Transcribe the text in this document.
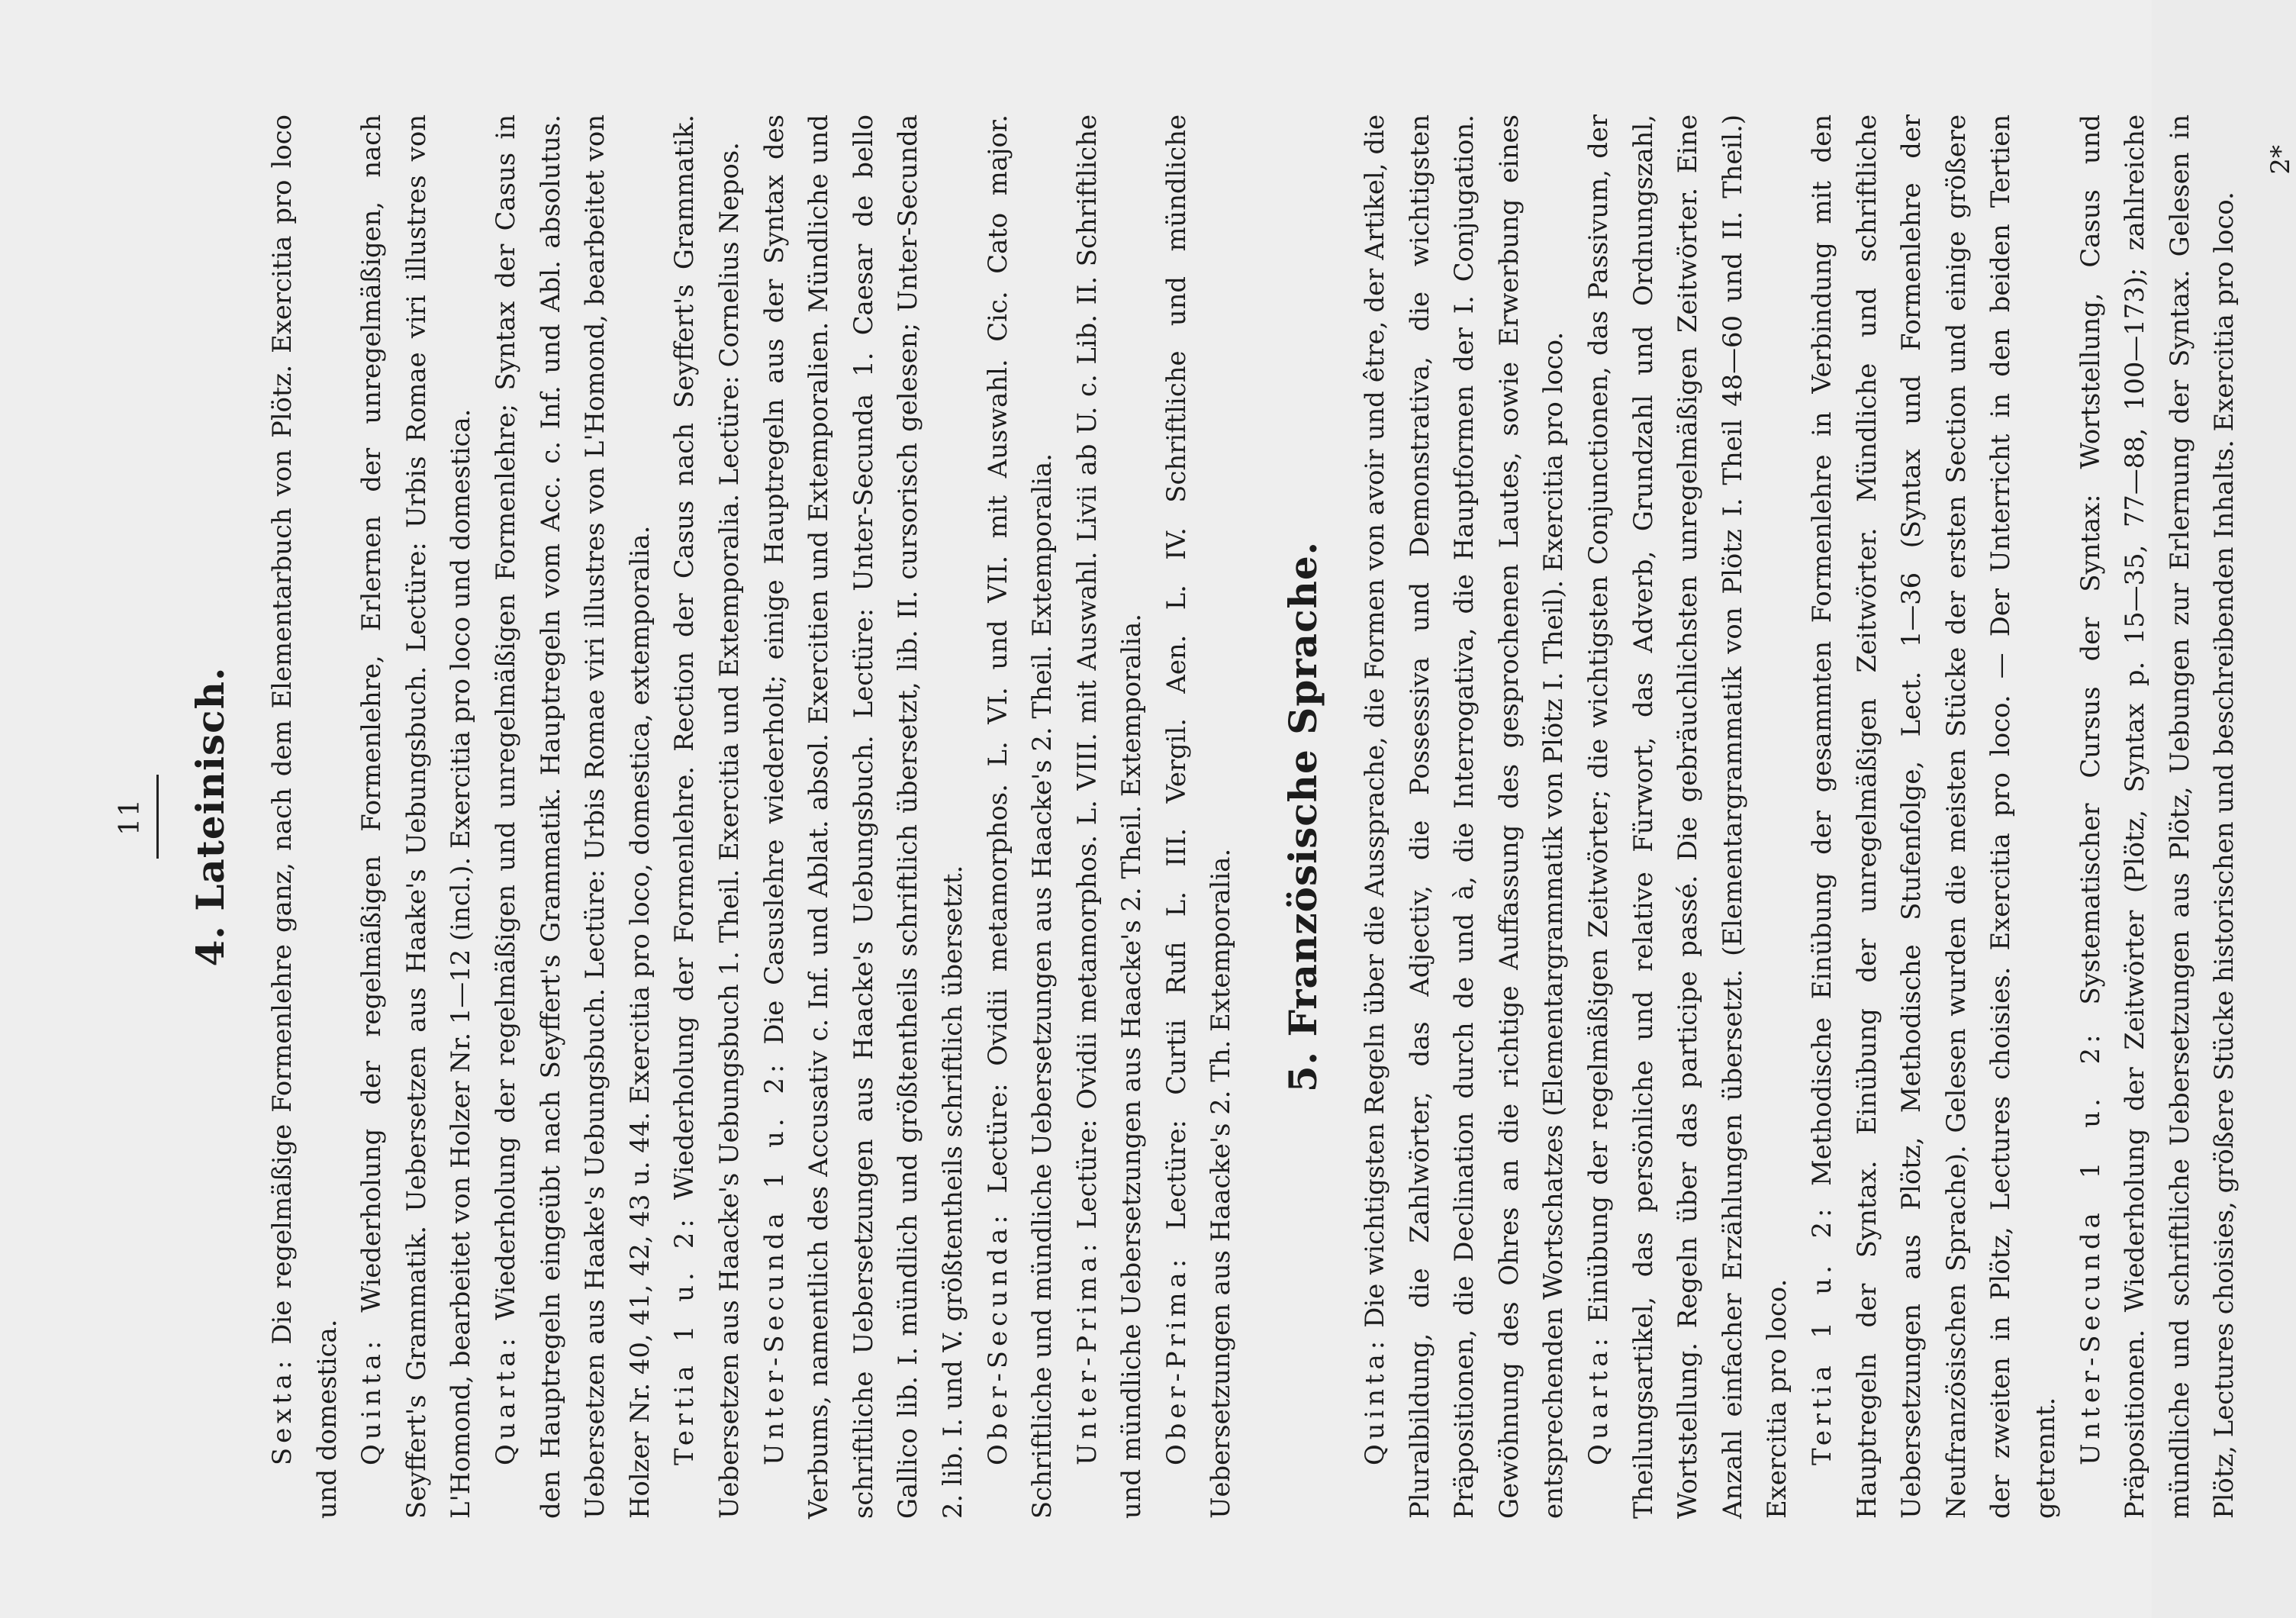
11 4. Lateinisch.

Sexta: Die regelmäßige Formenlehre ganz, nach dem Elementarbuch von Plötz. Exercitia pro loco und domestica. Quinta: Wiederholung der regelmäßigen Formenlehre, Erlernen der unregelmäßigen, nach Seyffert's Grammatik. Uebersetzen aus Haake's Uebungsbuch. Lectüre: Urbis Romae viri illustres von L'Homond, bearbeitet von Holzer Nr. 1—12 (incl.). Exercitia pro loco und domestica. Quarta: Wiederholung der regelmäßigen und unregelmäßigen Formenlehre; Syntax der Casus in den Hauptregeln eingeübt nach Seyffert's Grammatik. Hauptregeln vom Acc. c. Inf. und Abl. absolutus. Uebersetzen aus Haake's Uebungsbuch. Lectüre: Urbis Romae viri illustres von L'Homond, bearbeitet von Holzer Nr. 40, 41, 42, 43 u. 44. Exercitia pro loco, domestica, extemporalia. Tertia 1 u. 2: Wiederholung der Formenlehre. Rection der Casus nach Seyffert's Grammatik. Uebersetzen aus Haacke's Uebungsbuch 1. Theil. Exercitia und Extemporalia. Lectüre: Cornelius Nepos. Unter-Secunda 1 u. 2: Die Casuslehre wiederholt; einige Hauptregeln aus der Syntax des Verbums, namentlich des Accusativ c. Inf. und Ablat. absol. Exercitien und Extemporalien. Mündliche und schriftliche Uebersetzungen aus Haacke's Uebungsbuch. Lectüre: Unter-Secunda 1. Caesar de bello Gallico lib. I. mündlich und größtentheils schriftlich übersetzt, lib. II. cursorisch gelesen; Unter-Secunda 2. lib. I. und V. größtentheils schriftlich übersetzt. Ober-Secunda: Lectüre: Ovidii metamorphos. L. VI. und VII. mit Auswahl. Cic. Cato major. Schriftliche und mündliche Uebersetzungen aus Haacke's 2. Theil. Extemporalia. Unter-Prima: Lectüre: Ovidii metamorphos. L. VIII. mit Auswahl. Livii ab U. c. Lib. II. Schriftliche und mündliche Uebersetzungen aus Haacke's 2. Theil. Extemporalia. Ober-Prima: Lectüre: Curtii Rufi L. III. Vergil. Aen. L. IV. Schriftliche und mündliche Uebersetzungen aus Haacke's 2. Th. Extemporalia.

5. Französische Sprache.

Quinta: Die wichtigsten Regeln über die Aussprache, die Formen von avoir und être, der Artikel, die Pluralbildung, die Zahlwörter, das Adjectiv, die Possessiva und Demonstrativa, die wichtigsten Präpositionen, die Declination durch de und à, die Interrogativa, die Hauptformen der I. Conjugation. Gewöhnung des Ohres an die richtige Auffassung des gesprochenen Lautes, sowie Erwerbung eines entsprechenden Wortschatzes (Elementargrammatik von Plötz I. Theil). Exercitia pro loco. Quarta: Einübung der regelmäßigen Zeitwörter; die wichtigsten Conjunctionen, das Passivum, der Theilungsartikel, das persönliche und relative Fürwort, das Adverb, Grundzahl und Ordnungszahl, Wortstellung. Regeln über das participe passé. Die gebräuchlichsten unregelmäßigen Zeitwörter. Eine Anzahl einfacher Erzählungen übersetzt. (Elementargrammatik von Plötz I. Theil 48—60 und II. Theil.) Exercitia pro loco. Tertia 1 u. 2: Methodische Einübung der gesammten Formenlehre in Verbindung mit den Hauptregeln der Syntax. Einübung der unregelmäßigen Zeitwörter. Mündliche und schriftliche Uebersetzungen aus Plötz, Methodische Stufenfolge, Lect. 1—36 (Syntax und Formenlehre der Neufranzösischen Sprache). Gelesen wurden die meisten Stücke der ersten Section und einige größere der zweiten in Plötz, Lectures choisies. Exercitia pro loco. — Der Unterricht in den beiden Tertien getrennt. Unter-Secunda 1 u. 2: Systematischer Cursus der Syntax: Wortstellung, Casus und Präpositionen. Wiederholung der Zeitwörter (Plötz, Syntax p. 15—35, 77—88, 100—173); zahlreiche mündliche und schriftliche Uebersetzungen aus Plötz, Uebungen zur Erlernung der Syntax. Gelesen in Plötz, Lectures choisies, größere Stücke historischen und beschreibenden Inhalts. Exercitia pro loco.

2*
